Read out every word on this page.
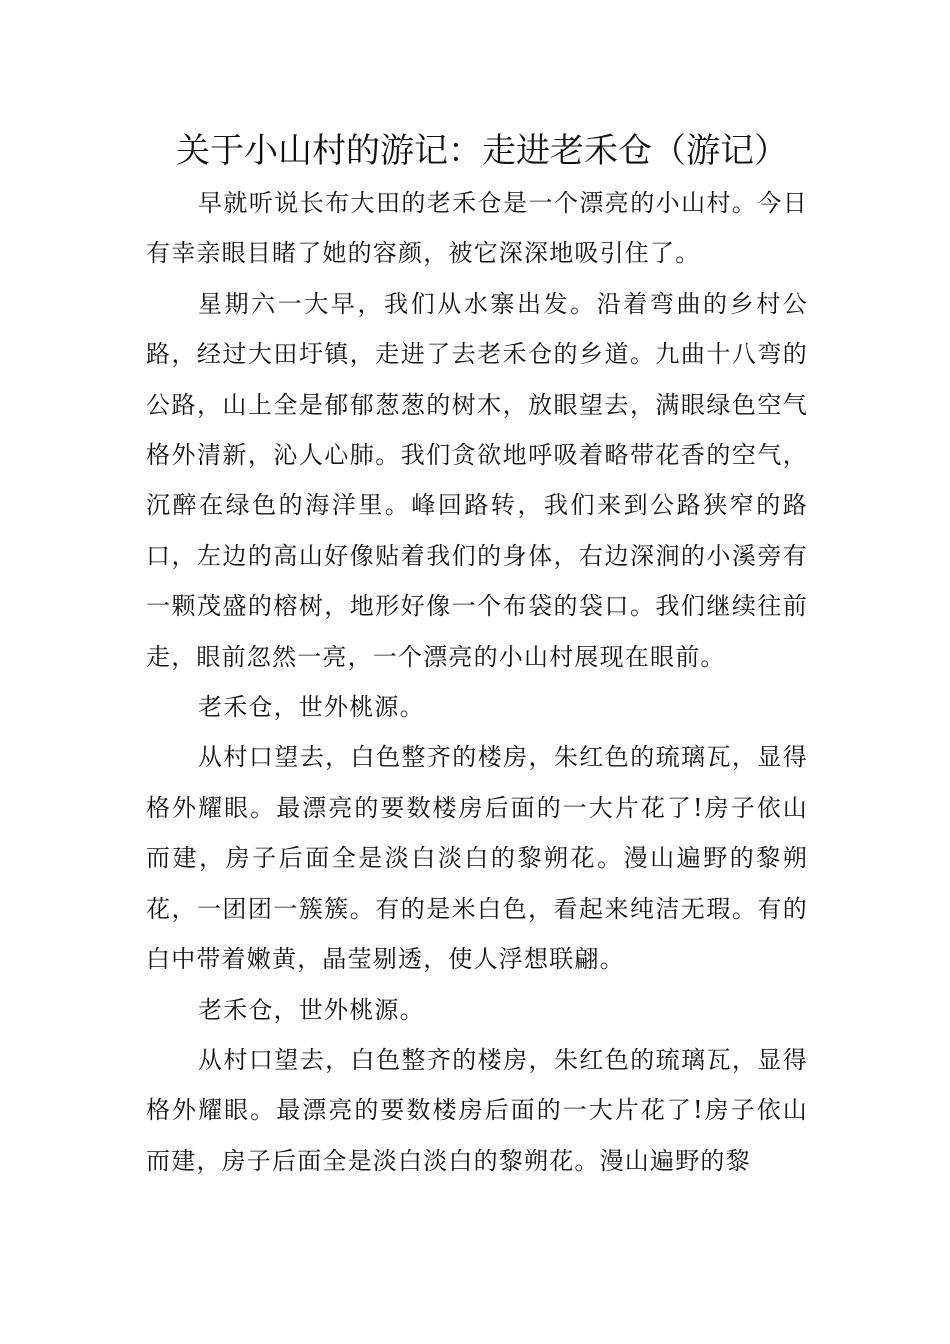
关于小山村的游记：走进老禾仓（游记）

早就听说长布大田的老禾仓是一个漂亮的小山村。今日有幸亲眼目睹了她的容颜，被它深深地吸引住了。

星期六一大早，我们从水寨出发。沿着弯曲的乡村公路，经过大田圩镇，走进了去老禾仓的乡道。九曲十八弯的公路，山上全是郁郁葱葱的树木，放眼望去，满眼绿色空气格外清新，沁人心肺。我们贪欲地呼吸着略带花香的空气，沉醉在绿色的海洋里。峰回路转，我们来到公路狭窄的路口，左边的高山好像贴着我们的身体，右边深涧的小溪旁有一颗茂盛的榕树，地形好像一个布袋的袋口。我们继续往前走，眼前忽然一亮，一个漂亮的小山村展现在眼前。

老禾仓，世外桃源。

从村口望去，白色整齐的楼房，朱红色的琉璃瓦，显得格外耀眼。最漂亮的要数楼房后面的一大片花了!房子依山而建，房子后面全是淡白淡白的黎朔花。漫山遍野的黎朔花，一团团一簇簇。有的是米白色，看起来纯洁无瑕。有的白中带着嫩黄，晶莹剔透，使人浮想联翩。

老禾仓，世外桃源。

从村口望去，白色整齐的楼房，朱红色的琉璃瓦，显得格外耀眼。最漂亮的要数楼房后面的一大片花了!房子依山而建，房子后面全是淡白淡白的黎朔花。漫山遍野的黎
